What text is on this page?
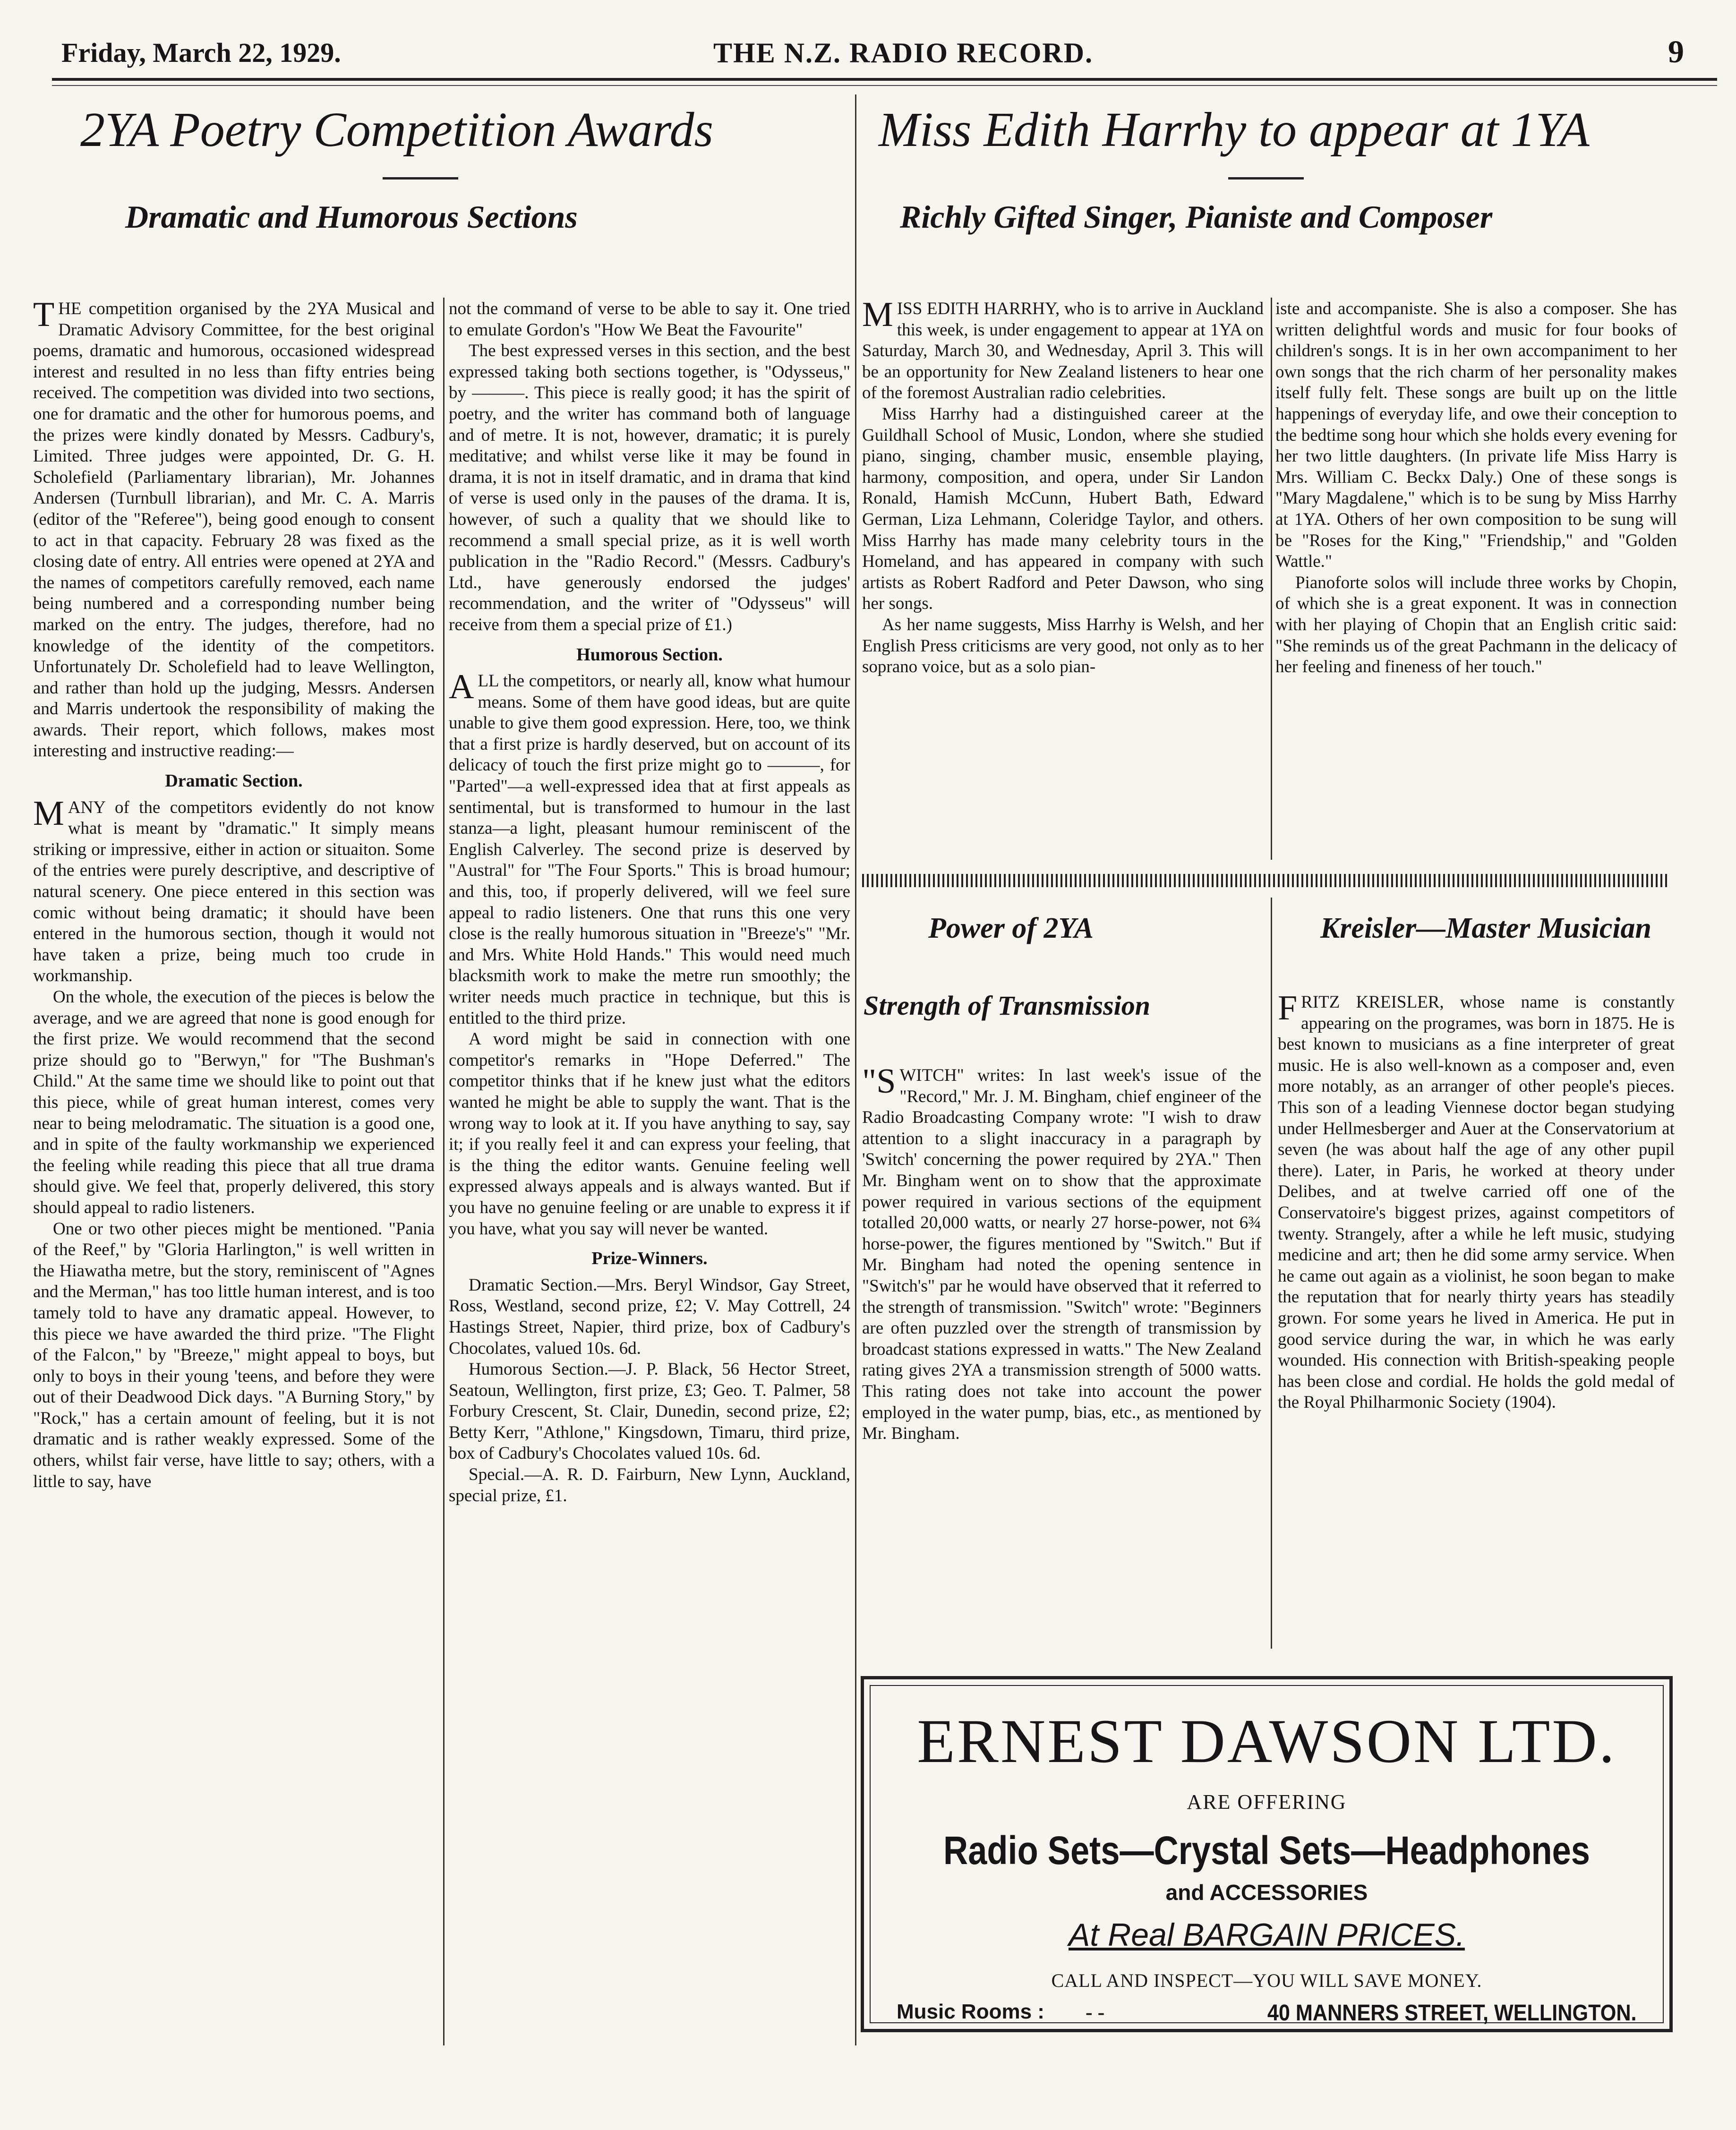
Friday, March 22, 1929.	THE N.Z. RADIO RECORD.	9
2YA Poetry Competition Awards
Dramatic and Humorous Sections
Miss Edith Harrhy to appear at 1YA
Richly Gifted Singer, Pianiste and Composer

THE competition organised by the 2YA Musical and Dramatic Advisory Committee, for the best original poems, dramatic and humorous, occasioned widespread interest and resulted in no less than fifty entries being received. The competition was divided into two sections, one for dramatic and the other for humorous poems, and the prizes were kindly donated by Messrs. Cadbury's, Limited. Three judges were appointed, Dr. G. H. Scholefield (Parliamentary librarian), Mr. Johannes Andersen (Turnbull librarian), and Mr. C. A. Marris (editor of the "Referee"), being good enough to consent to act in that capacity. February 28 was fixed as the closing date of entry. All entries were opened at 2YA and the names of competitors carefully removed, each name being numbered and a corresponding number being marked on the entry. The judges, therefore, had no knowledge of the identity of the competitors. Unfortunately Dr. Scholefield had to leave Wellington, and rather than hold up the judging, Messrs. Andersen and Marris undertook the responsibility of making the awards. Their report, which follows, makes most interesting and instructive reading:—

Dramatic Section.

MANY of the competitors evidently do not know what is meant by "dramatic." It simply means striking or impressive, either in action or situaiton. Some of the entries were purely descriptive, and descriptive of natural scenery. One piece entered in this section was comic without being dramatic; it should have been entered in the humorous section, though it would not have taken a prize, being much too crude in workmanship.

On the whole, the execution of the pieces is below the average, and we are agreed that none is good enough for the first prize. We would recommend that the second prize should go to "Berwyn," for "The Bushman's Child." At the same time we should like to point out that this piece, while of great human interest, comes very near to being melodramatic. The situation is a good one, and in spite of the faulty workmanship we experienced the feeling while reading this piece that all true drama should give. We feel that, properly delivered, this story should appeal to radio listeners.

One or two other pieces might be mentioned. "Pania of the Reef," by "Gloria Harlington," is well written in the Hiawatha metre, but the story, reminiscent of "Agnes and the Merman," has too little human interest, and is too tamely told to have any dramatic appeal. However, to this piece we have awarded the third prize. "The Flight of the Falcon," by "Breeze," might appeal to boys, but only to boys in their young 'teens, and before they were out of their Deadwood Dick days. "A Burning Story," by "Rock," has a certain amount of feeling, but it is not dramatic and is rather weakly expressed. Some of the others, whilst fair verse, have little to say; others, with a little to say, have

not the command of verse to be able to say it. One tried to emulate Gordon's "How We Beat the Favourite"

The best expressed verses in this section, and the best expressed taking both sections together, is "Odysseus," by ———. This piece is really good; it has the spirit of poetry, and the writer has command both of language and of metre. It is not, however, dramatic; it is purely meditative; and whilst verse like it may be found in drama, it is not in itself dramatic, and in drama that kind of verse is used only in the pauses of the drama. It is, however, of such a quality that we should like to recommend a small special prize, as it is well worth publication in the "Radio Record." (Messrs. Cadbury's Ltd., have generously endorsed the judges' recommendation, and the writer of "Odysseus" will receive from them a special prize of £1.)

Humorous Section.

ALL the competitors, or nearly all, know what humour means. Some of them have good ideas, but are quite unable to give them good expression. Here, too, we think that a first prize is hardly deserved, but on account of its delicacy of touch the first prize might go to ———, for "Parted"—a well-expressed idea that at first appeals as sentimental, but is transformed to humour in the last stanza—a light, pleasant humour reminiscent of the English Calverley. The second prize is deserved by "Austral" for "The Four Sports." This is broad humour; and this, too, if properly delivered, will we feel sure appeal to radio listeners. One that runs this one very close is the really humorous situation in "Breeze's" "Mr. and Mrs. White Hold Hands." This would need much blacksmith work to make the metre run smoothly; the writer needs much practice in technique, but this is entitled to the third prize.

A word might be said in connection with one competitor's remarks in "Hope Deferred." The competitor thinks that if he knew just what the editors wanted he might be able to supply the want. That is the wrong way to look at it. If you have anything to say, say it; if you really feel it and can express your feeling, that is the thing the editor wants. Genuine feeling well expressed always appeals and is always wanted. But if you have no genuine feeling or are unable to express it if you have, what you say will never be wanted.

Prize-Winners.

Dramatic Section.—Mrs. Beryl Windsor, Gay Street, Ross, Westland, second prize, £2; V. May Cottrell, 24 Hastings Street, Napier, third prize, box of Cadbury's Chocolates, valued 10s. 6d.

Humorous Section.—J. P. Black, 56 Hector Street, Seatoun, Wellington, first prize, £3; Geo. T. Palmer, 58 Forbury Crescent, St. Clair, Dunedin, second prize, £2; Betty Kerr, "Athlone," Kingsdown, Timaru, third prize, box of Cadbury's Chocolates valued 10s. 6d.

Special.—A. R. D. Fairburn, New Lynn, Auckland, special prize, £1.

MISS EDITH HARRHY, who is to arrive in Auckland this week, is under engagement to appear at 1YA on Saturday, March 30, and Wednesday, April 3. This will be an opportunity for New Zealand listeners to hear one of the foremost Australian radio celebrities.

Miss Harrhy had a distinguished career at the Guildhall School of Music, London, where she studied piano, singing, chamber music, ensemble playing, harmony, composition, and opera, under Sir Landon Ronald, Hamish McCunn, Hubert Bath, Edward German, Liza Lehmann, Coleridge Taylor, and others. Miss Harrhy has made many celebrity tours in the Homeland, and has appeared in company with such artists as Robert Radford and Peter Dawson, who sing her songs.

As her name suggests, Miss Harrhy is Welsh, and her English Press criticisms are very good, not only as to her soprano voice, but as a solo pian-

iste and accompaniste. She is also a composer. She has written delightful words and music for four books of children's songs. It is in her own accompaniment to her own songs that the rich charm of her personality makes itself fully felt. These songs are built up on the little happenings of everyday life, and owe their conception to the bedtime song hour which she holds every evening for her two little daughters. (In private life Miss Harry is Mrs. William C. Beckx Daly.) One of these songs is "Mary Magdalene," which is to be sung by Miss Harrhy at 1YA. Others of her own composition to be sung will be "Roses for the King," "Friendship," and "Golden Wattle."

Pianoforte solos will include three works by Chopin, of which she is a great exponent. It was in connection with her playing of Chopin that an English critic said: "She reminds us of the great Pachmann in the delicacy of her feeling and fineness of her touch."

Power of 2YA
Strength of Transmission

"SWITCH" writes: In last week's issue of the "Record," Mr. J. M. Bingham, chief engineer of the Radio Broadcasting Company wrote: "I wish to draw attention to a slight inaccuracy in a paragraph by 'Switch' concerning the power required by 2YA." Then Mr. Bingham went on to show that the approximate power required in various sections of the equipment totalled 20,000 watts, or nearly 27 horse-power, not 6¾ horse-power, the figures mentioned by "Switch." But if Mr. Bingham had noted the opening sentence in "Switch's" par he would have observed that it referred to the strength of transmission. "Switch" wrote: "Beginners are often puzzled over the strength of transmission by broadcast stations expressed in watts." The New Zealand rating gives 2YA a transmission strength of 5000 watts. This rating does not take into account the power employed in the water pump, bias, etc., as mentioned by Mr. Bingham.

Kreisler—Master Musician

FRITZ KREISLER, whose name is constantly appearing on the programes, was born in 1875. He is best known to musicians as a fine interpreter of great music. He is also well-known as a composer and, even more notably, as an arranger of other people's pieces. This son of a leading Viennese doctor began studying under Hellmesberger and Auer at the Conservatorium at seven (he was about half the age of any other pupil there). Later, in Paris, he worked at theory under Delibes, and at twelve carried off one of the Conservatoire's biggest prizes, against competitors of twenty. Strangely, after a while he left music, studying medicine and art; then he did some army service. When he came out again as a violinist, he soon began to make the reputation that for nearly thirty years has steadily grown. For some years he lived in America. He put in good service during the war, in which he was early wounded. His connection with British-speaking people has been close and cordial. He holds the gold medal of the Royal Philharmonic Society (1904).

ERNEST DAWSON LTD.
ARE OFFERING
Radio Sets—Crystal Sets—Headphones
and ACCESSORIES
At Real BARGAIN PRICES.
CALL AND INSPECT—YOU WILL SAVE MONEY.
Music Rooms : - -	40 MANNERS STREET, WELLINGTON.
